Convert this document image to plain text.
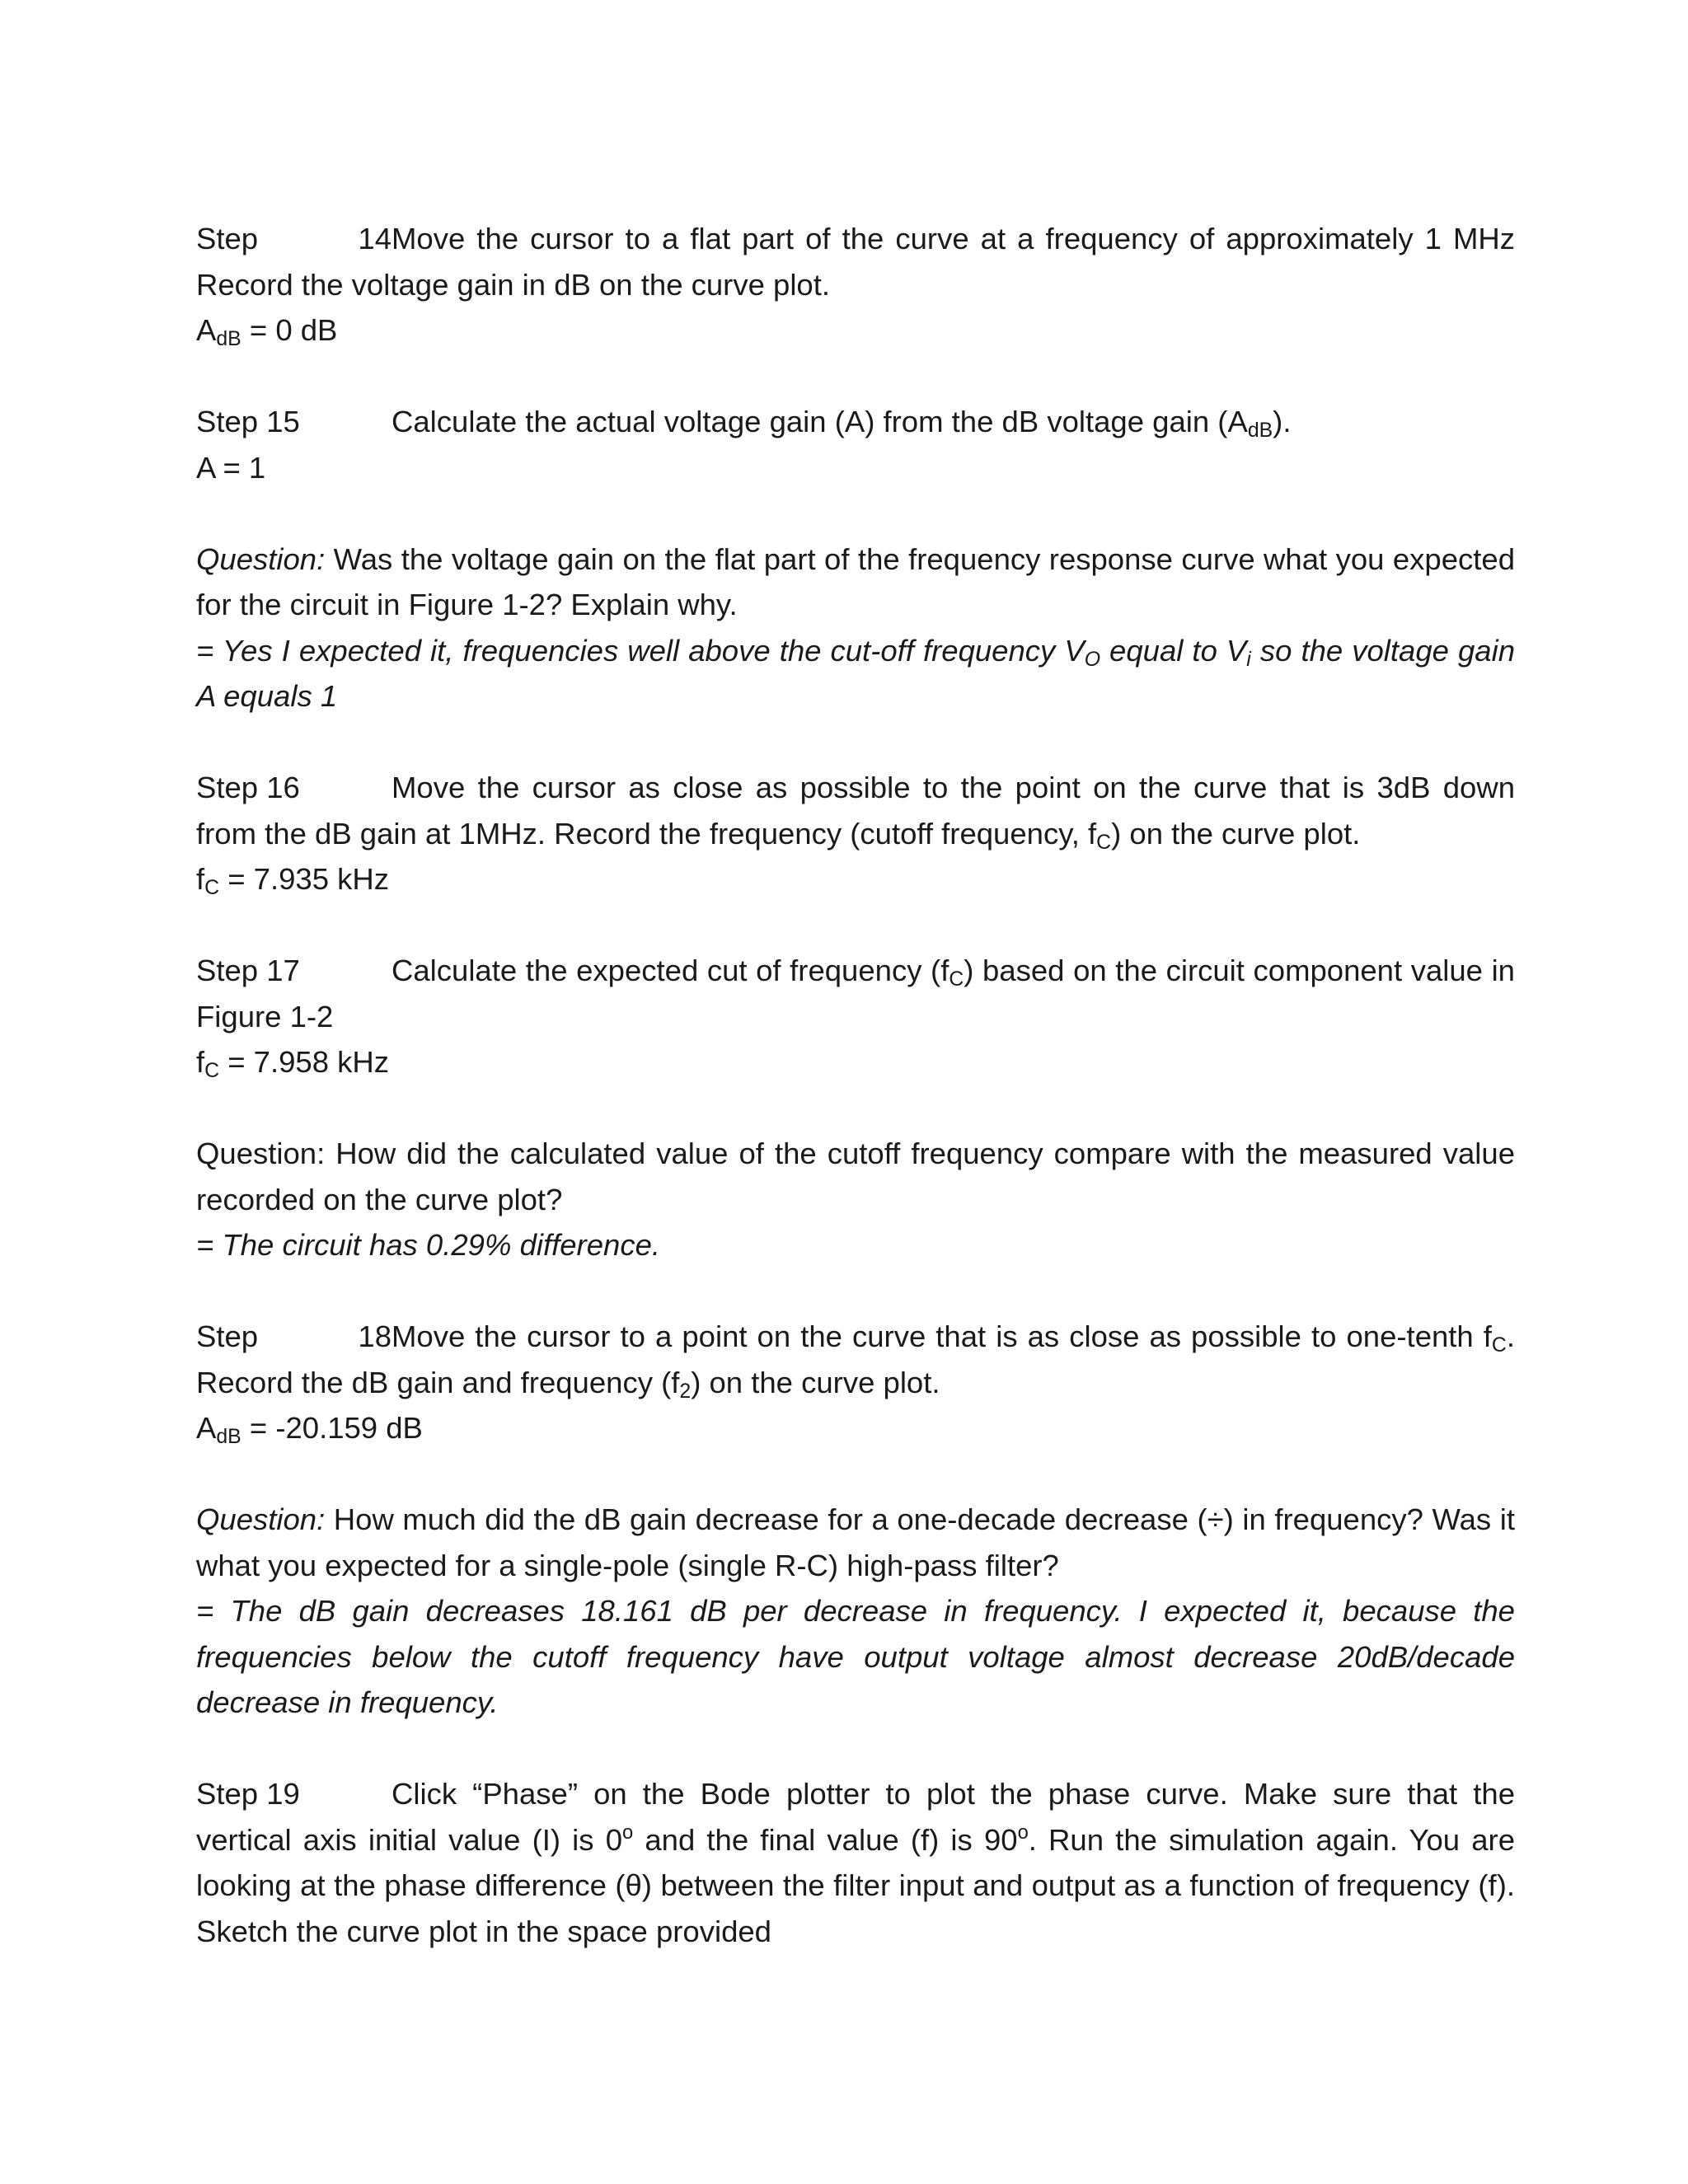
Step 14Move the cursor to a flat part of the curve at a frequency of approximately 1 MHz

Record the voltage gain in dB on the curve plot.

$A_{dB} = 0$ dB

Step 15	Calculate the actual voltage gain (A) from the dB voltage gain $(A_{dB})$.

A = 1

Question: Was the voltage gain on the flat part of the frequency response curve what you expected for the circuit in Figure 1-2? Explain why.

= Yes I expected it, frequencies well above the cut-off frequency $V_O$ equal to $V_i$ so the voltage gain A equals 1

Step 16	Move the cursor as close as possible to the point on the curve that is 3dB down from the dB gain at 1MHz. Record the frequency (cutoff frequency, $f_C$) on the curve plot.

$f_C = 7.935$ kHz

Step 17	Calculate the expected cut of frequency $(f_C)$ based on the circuit component value in Figure 1-2

$f_C = 7.958$ kHz

Question: How did the calculated value of the cutoff frequency compare with the measured value recorded on the curve plot?

= The circuit has 0.29% difference.

Step 18Move the cursor to a point on the curve that is as close as possible to one-tenth $f_C$.

Record the dB gain and frequency $(f_2)$ on the curve plot.

$A_{dB} = -20.159$ dB

Question: How much did the dB gain decrease for a one-decade decrease (÷) in frequency? Was it what you expected for a single-pole (single R-C) high-pass filter?

= The dB gain decreases 18.161 dB per decrease in frequency. I expected it, because the frequencies below the cutoff frequency have output voltage almost decrease 20dB/decade decrease in frequency.

Step 19	Click “Phase” on the Bode plotter to plot the phase curve. Make sure that the vertical axis initial value (I) is 0$^o$ and the final value (f) is 90$^o$. Run the simulation again. You are looking at the phase difference (θ) between the filter input and output as a function of frequency (f). Sketch the curve plot in the space provided
